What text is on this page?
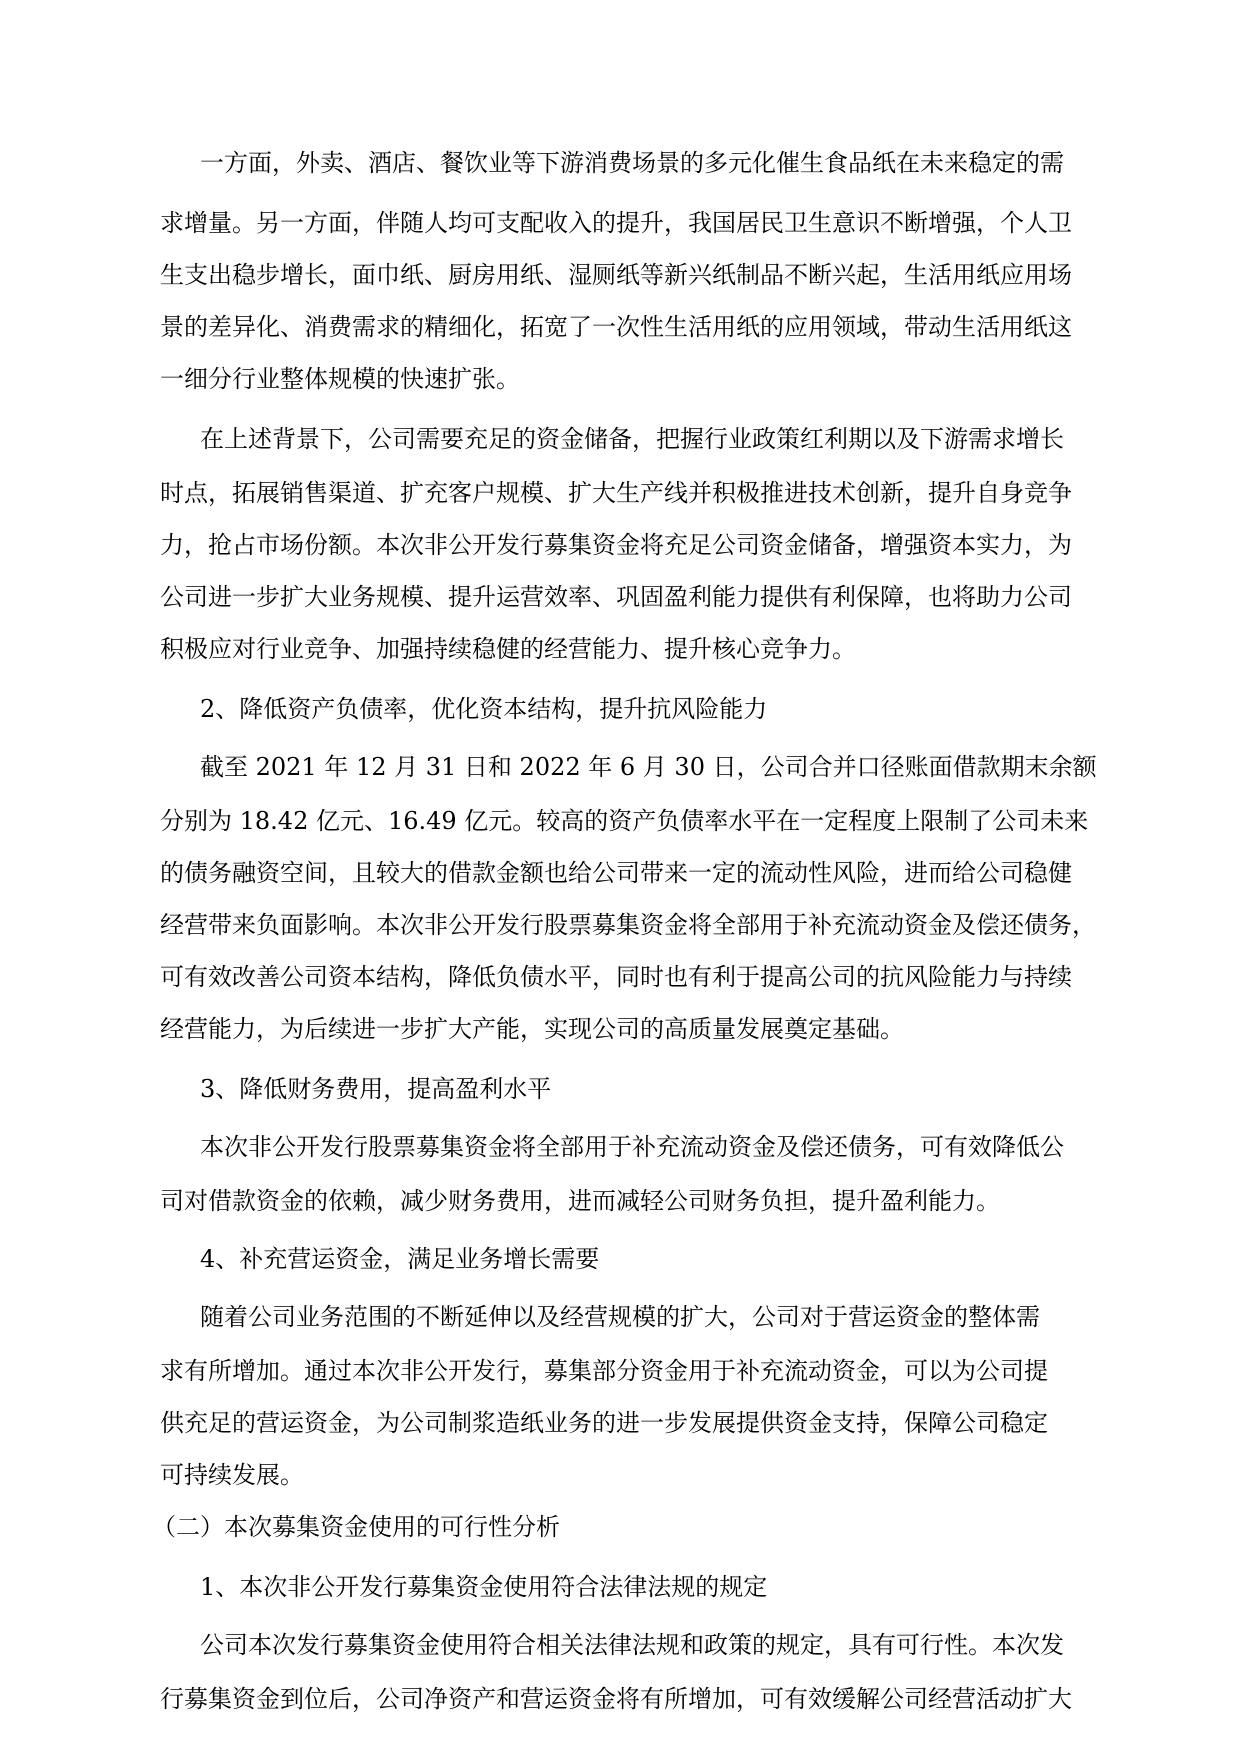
一方面，外卖、酒店、餐饮业等下游消费场景的多元化催生食品纸在未来稳定的需
求增量。另一方面，伴随人均可支配收入的提升，我国居民卫生意识不断增强，个人卫
生支出稳步增长，面巾纸、厨房用纸、湿厕纸等新兴纸制品不断兴起，生活用纸应用场
景的差异化、消费需求的精细化，拓宽了一次性生活用纸的应用领域，带动生活用纸这
一细分行业整体规模的快速扩张。
在上述背景下，公司需要充足的资金储备，把握行业政策红利期以及下游需求增长
时点，拓展销售渠道、扩充客户规模、扩大生产线并积极推进技术创新，提升自身竞争
力，抢占市场份额。本次非公开发行募集资金将充足公司资金储备，增强资本实力，为
公司进一步扩大业务规模、提升运营效率、巩固盈利能力提供有利保障，也将助力公司
积极应对行业竞争、加强持续稳健的经营能力、提升核心竞争力。
2、降低资产负债率，优化资本结构，提升抗风险能力
截至 2021 年 12 月 31 日和 2022 年 6 月 30 日，公司合并口径账面借款期末余额
分别为 18.42 亿元、16.49 亿元。较高的资产负债率水平在一定程度上限制了公司未来
的债务融资空间，且较大的借款金额也给公司带来一定的流动性风险，进而给公司稳健
经营带来负面影响。本次非公开发行股票募集资金将全部用于补充流动资金及偿还债务，
可有效改善公司资本结构，降低负债水平，同时也有利于提高公司的抗风险能力与持续
经营能力，为后续进一步扩大产能，实现公司的高质量发展奠定基础。
3、降低财务费用，提高盈利水平
本次非公开发行股票募集资金将全部用于补充流动资金及偿还债务，可有效降低公
司对借款资金的依赖，减少财务费用，进而减轻公司财务负担，提升盈利能力。
4、补充营运资金，满足业务增长需要
随着公司业务范围的不断延伸以及经营规模的扩大，公司对于营运资金的整体需
求有所增加。通过本次非公开发行，募集部分资金用于补充流动资金，可以为公司提
供充足的营运资金，为公司制浆造纸业务的进一步发展提供资金支持，保障公司稳定
可持续发展。
（二）本次募集资金使用的可行性分析
1、本次非公开发行募集资金使用符合法律法规的规定
公司本次发行募集资金使用符合相关法律法规和政策的规定，具有可行性。本次发
行募集资金到位后，公司净资产和营运资金将有所增加，可有效缓解公司经营活动扩大
